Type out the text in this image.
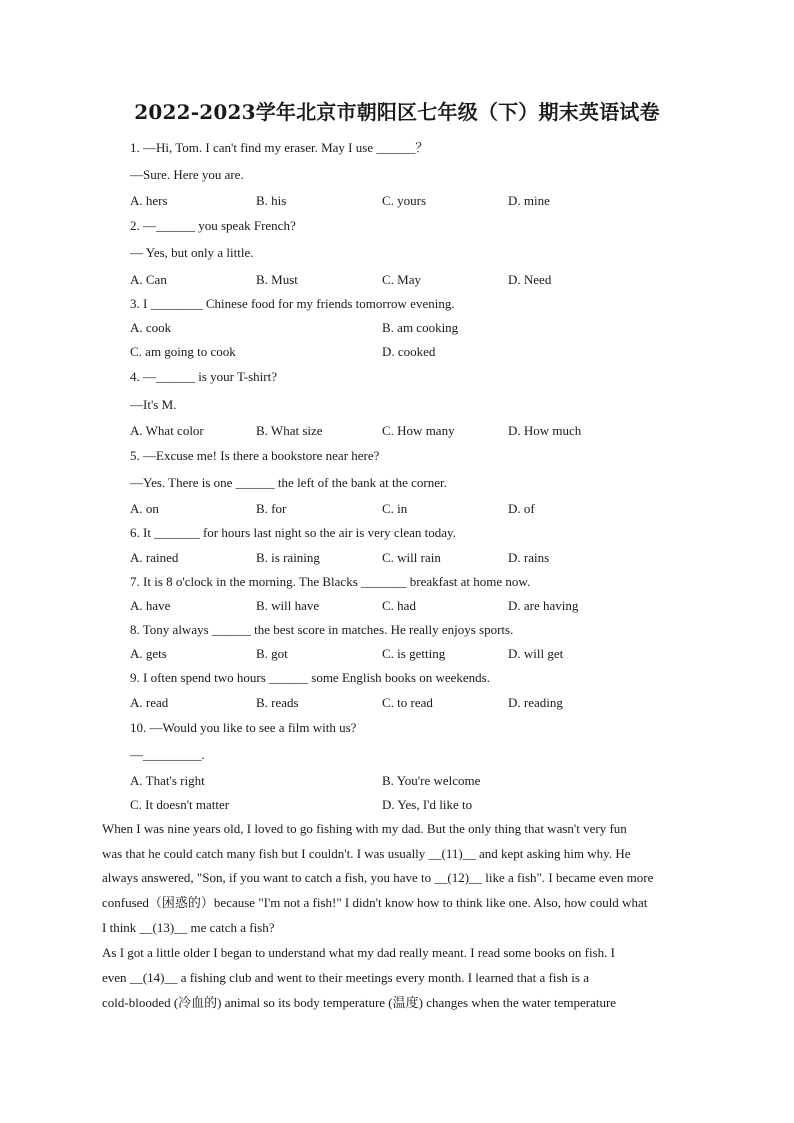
2022-2023学年北京市朝阳区七年级（下）期末英语试卷
1. —Hi, Tom. I can't find my eraser. May I use ______？
—Sure. Here you are.
A. hers	B. his	C. yours	D. mine
2. —______ you speak French?
— Yes, but only a little.
A. Can	B. Must	C. May	D. Need
3. I ________ Chinese food for my friends tomorrow evening.
A. cook	B. am cooking
C. am going to cook	D. cooked
4. —______ is your T-shirt?
—It's M.
A. What color	B. What size	C. How many	D. How much
5. —Excuse me! Is there a bookstore near here?
—Yes. There is one ______ the left of the bank at the corner.
A. on	B. for	C. in	D. of
6. It _______ for hours last night so the air is very clean today.
A. rained	B. is raining	C. will rain	D. rains
7. It is 8 o'clock in the morning. The Blacks _______ breakfast at home now.
A. have	B. will have	C. had	D. are having
8. Tony always ______ the best score in matches. He really enjoys sports.
A. gets	B. got	C. is getting	D. will get
9. I often spend two hours ______ some English books on weekends.
A. read	B. reads	C. to read	D. reading
10. —Would you like to see a film with us?
—_________.
A. That's right	B. You're welcome
C. It doesn't matter	D. Yes, I'd like to
When I was nine years old, I loved to go fishing with my dad. But the only thing that wasn't very fun
was that he could catch many fish but I couldn't. I was usually __(11)__ and kept asking him why. He
always answered, "Son, if you want to catch a fish, you have to __(12)__ like a fish". I became even more
confused（困惑的）because "I'm not a fish!" I didn't know how to think like one. Also, how could what
I think __(13)__ me catch a fish?
As I got a little older I began to understand what my dad really meant. I read some books on fish. I
even __(14)__ a fishing club and went to their meetings every month. I learned that a fish is a
cold-blooded (冷血的) animal so its body temperature (温度) changes when the water temperature
